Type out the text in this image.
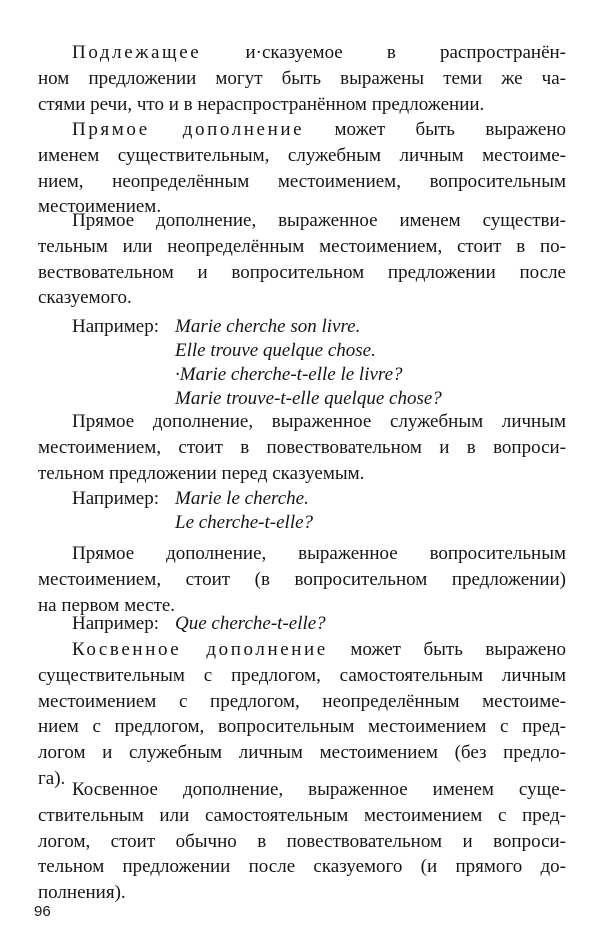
Подлежащее и·сказуемое в распространён-
ном предложении могут быть выражены теми же ча-
стями речи, что и в нераспространённом предложении.

Прямое дополнение может быть выражено
именем существительным, служебным личным местоиме-
нием, неопределённым местоимением, вопросительным
местоимением.

Прямое дополнение, выраженное именем существи-
тельным или неопределённым местоимением, стоит в по-
вествовательном и вопросительном предложении после
сказуемого.

Например: Marie cherche son livre.
Elle trouve quelque chose.
·Marie cherche-t-elle le livre?
Marie trouve-t-elle quelque chose?

Прямое дополнение, выраженное служебным личным
местоимением, стоит в повествовательном и в вопроси-
тельном предложении перед сказуемым.

Например: Marie le cherche.
Le cherche-t-elle?

Прямое дополнение, выраженное вопросительным
местоимением, стоит (в вопросительном предложении)
на первом месте.

Например: Que cherche-t-elle?

Косвенное дополнение может быть выражено
существительным с предлогом, самостоятельным личным
местоимением с предлогом, неопределённым местоиме-
нием с предлогом, вопросительным местоимением с пред-
логом и служебным личным местоимением (без предло-
га).

Косвенное дополнение, выраженное именем суще-
ствительным или самостоятельным местоимением с пред-
логом, стоит обычно в повествовательном и вопроси-
тельном предложении после сказуемого (и прямого до-
полнения).

96
